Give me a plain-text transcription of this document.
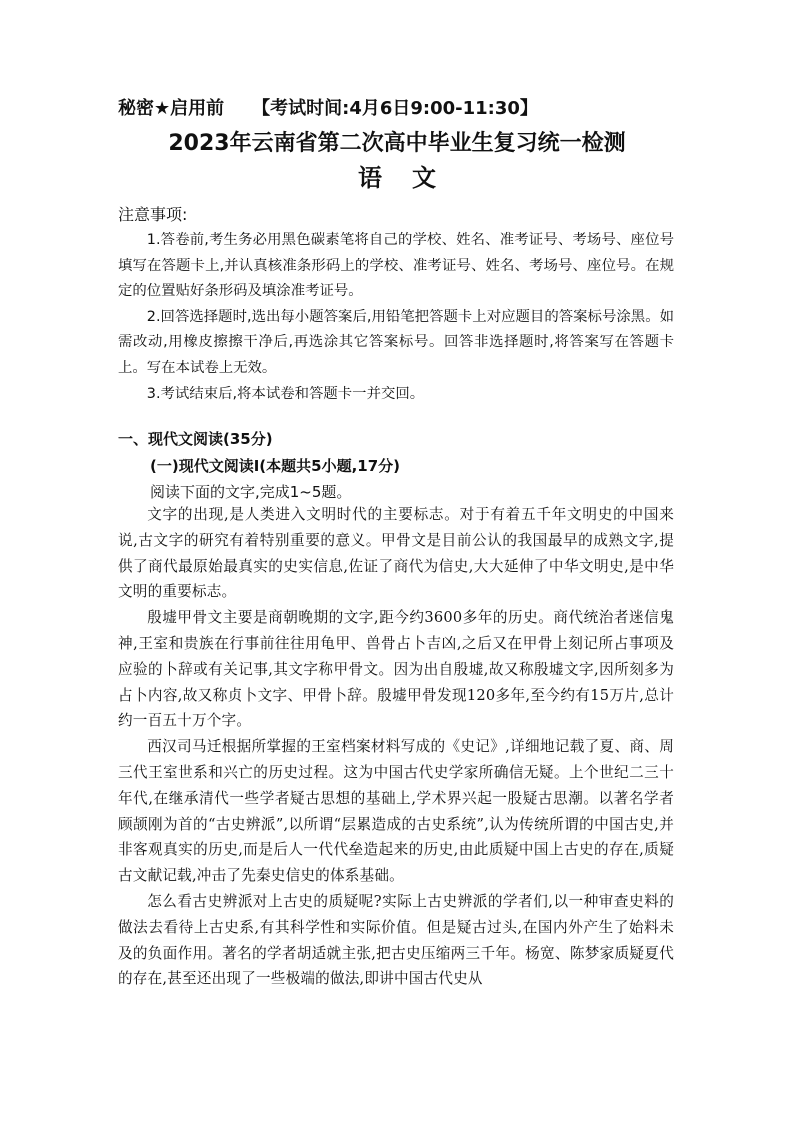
秘密★启用前 【考试时间:4月6日9:00-11:30】
2023年云南省第二次高中毕业生复习统一检测
语文
注意事项:

1.答卷前,考生务必用黑色碳素笔将自己的学校、姓名、准考证号、考场号、座位号填写在答题卡上,并认真核准条形码上的学校、准考证号、姓名、考场号、座位号。在规定的位置贴好条形码及填涂准考证号。

2.回答选择题时,选出每小题答案后,用铅笔把答题卡上对应题目的答案标号涂黑。如需改动,用橡皮擦擦干净后,再选涂其它答案标号。回答非选择题时,将答案写在答题卡上。写在本试卷上无效。

3.考试结束后,将本试卷和答题卡一并交回。

一、现代文阅读(35分)
(一)现代文阅读Ⅰ(本题共5小题,17分)
阅读下面的文字,完成1~5题。

文字的出现,是人类进入文明时代的主要标志。对于有着五千年文明史的中国来说,古文字的研究有着特别重要的意义。甲骨文是目前公认的我国最早的成熟文字,提供了商代最原始最真实的史实信息,佐证了商代为信史,大大延伸了中华文明史,是中华文明的重要标志。

殷墟甲骨文主要是商朝晚期的文字,距今约3600多年的历史。商代统治者迷信鬼神,王室和贵族在行事前往往用龟甲、兽骨占卜吉凶,之后又在甲骨上刻记所占事项及应验的卜辞或有关记事,其文字称甲骨文。因为出自殷墟,故又称殷墟文字,因所刻多为占卜内容,故又称贞卜文字、甲骨卜辞。殷墟甲骨发现120多年,至今约有15万片,总计约一百五十万个字。

西汉司马迁根据所掌握的王室档案材料写成的《史记》,详细地记载了夏、商、周三代王室世系和兴亡的历史过程。这为中国古代史学家所确信无疑。上个世纪二三十年代,在继承清代一些学者疑古思想的基础上,学术界兴起一股疑古思潮。以著名学者顾颉刚为首的“古史辨派”,以所谓“层累造成的古史系统”,认为传统所谓的中国古史,并非客观真实的历史,而是后人一代代垒造起来的历史,由此质疑中国上古史的存在,质疑古文献记载,冲击了先秦史信史的体系基础。

怎么看古史辨派对上古史的质疑呢?实际上古史辨派的学者们,以一种审查史料的做法去看待上古史系,有其科学性和实际价值。但是疑古过头,在国内外产生了始料未及的负面作用。著名的学者胡适就主张,把古史压缩两三千年。杨宽、陈梦家质疑夏代的存在,甚至还出现了一些极端的做法,即讲中国古代史从
